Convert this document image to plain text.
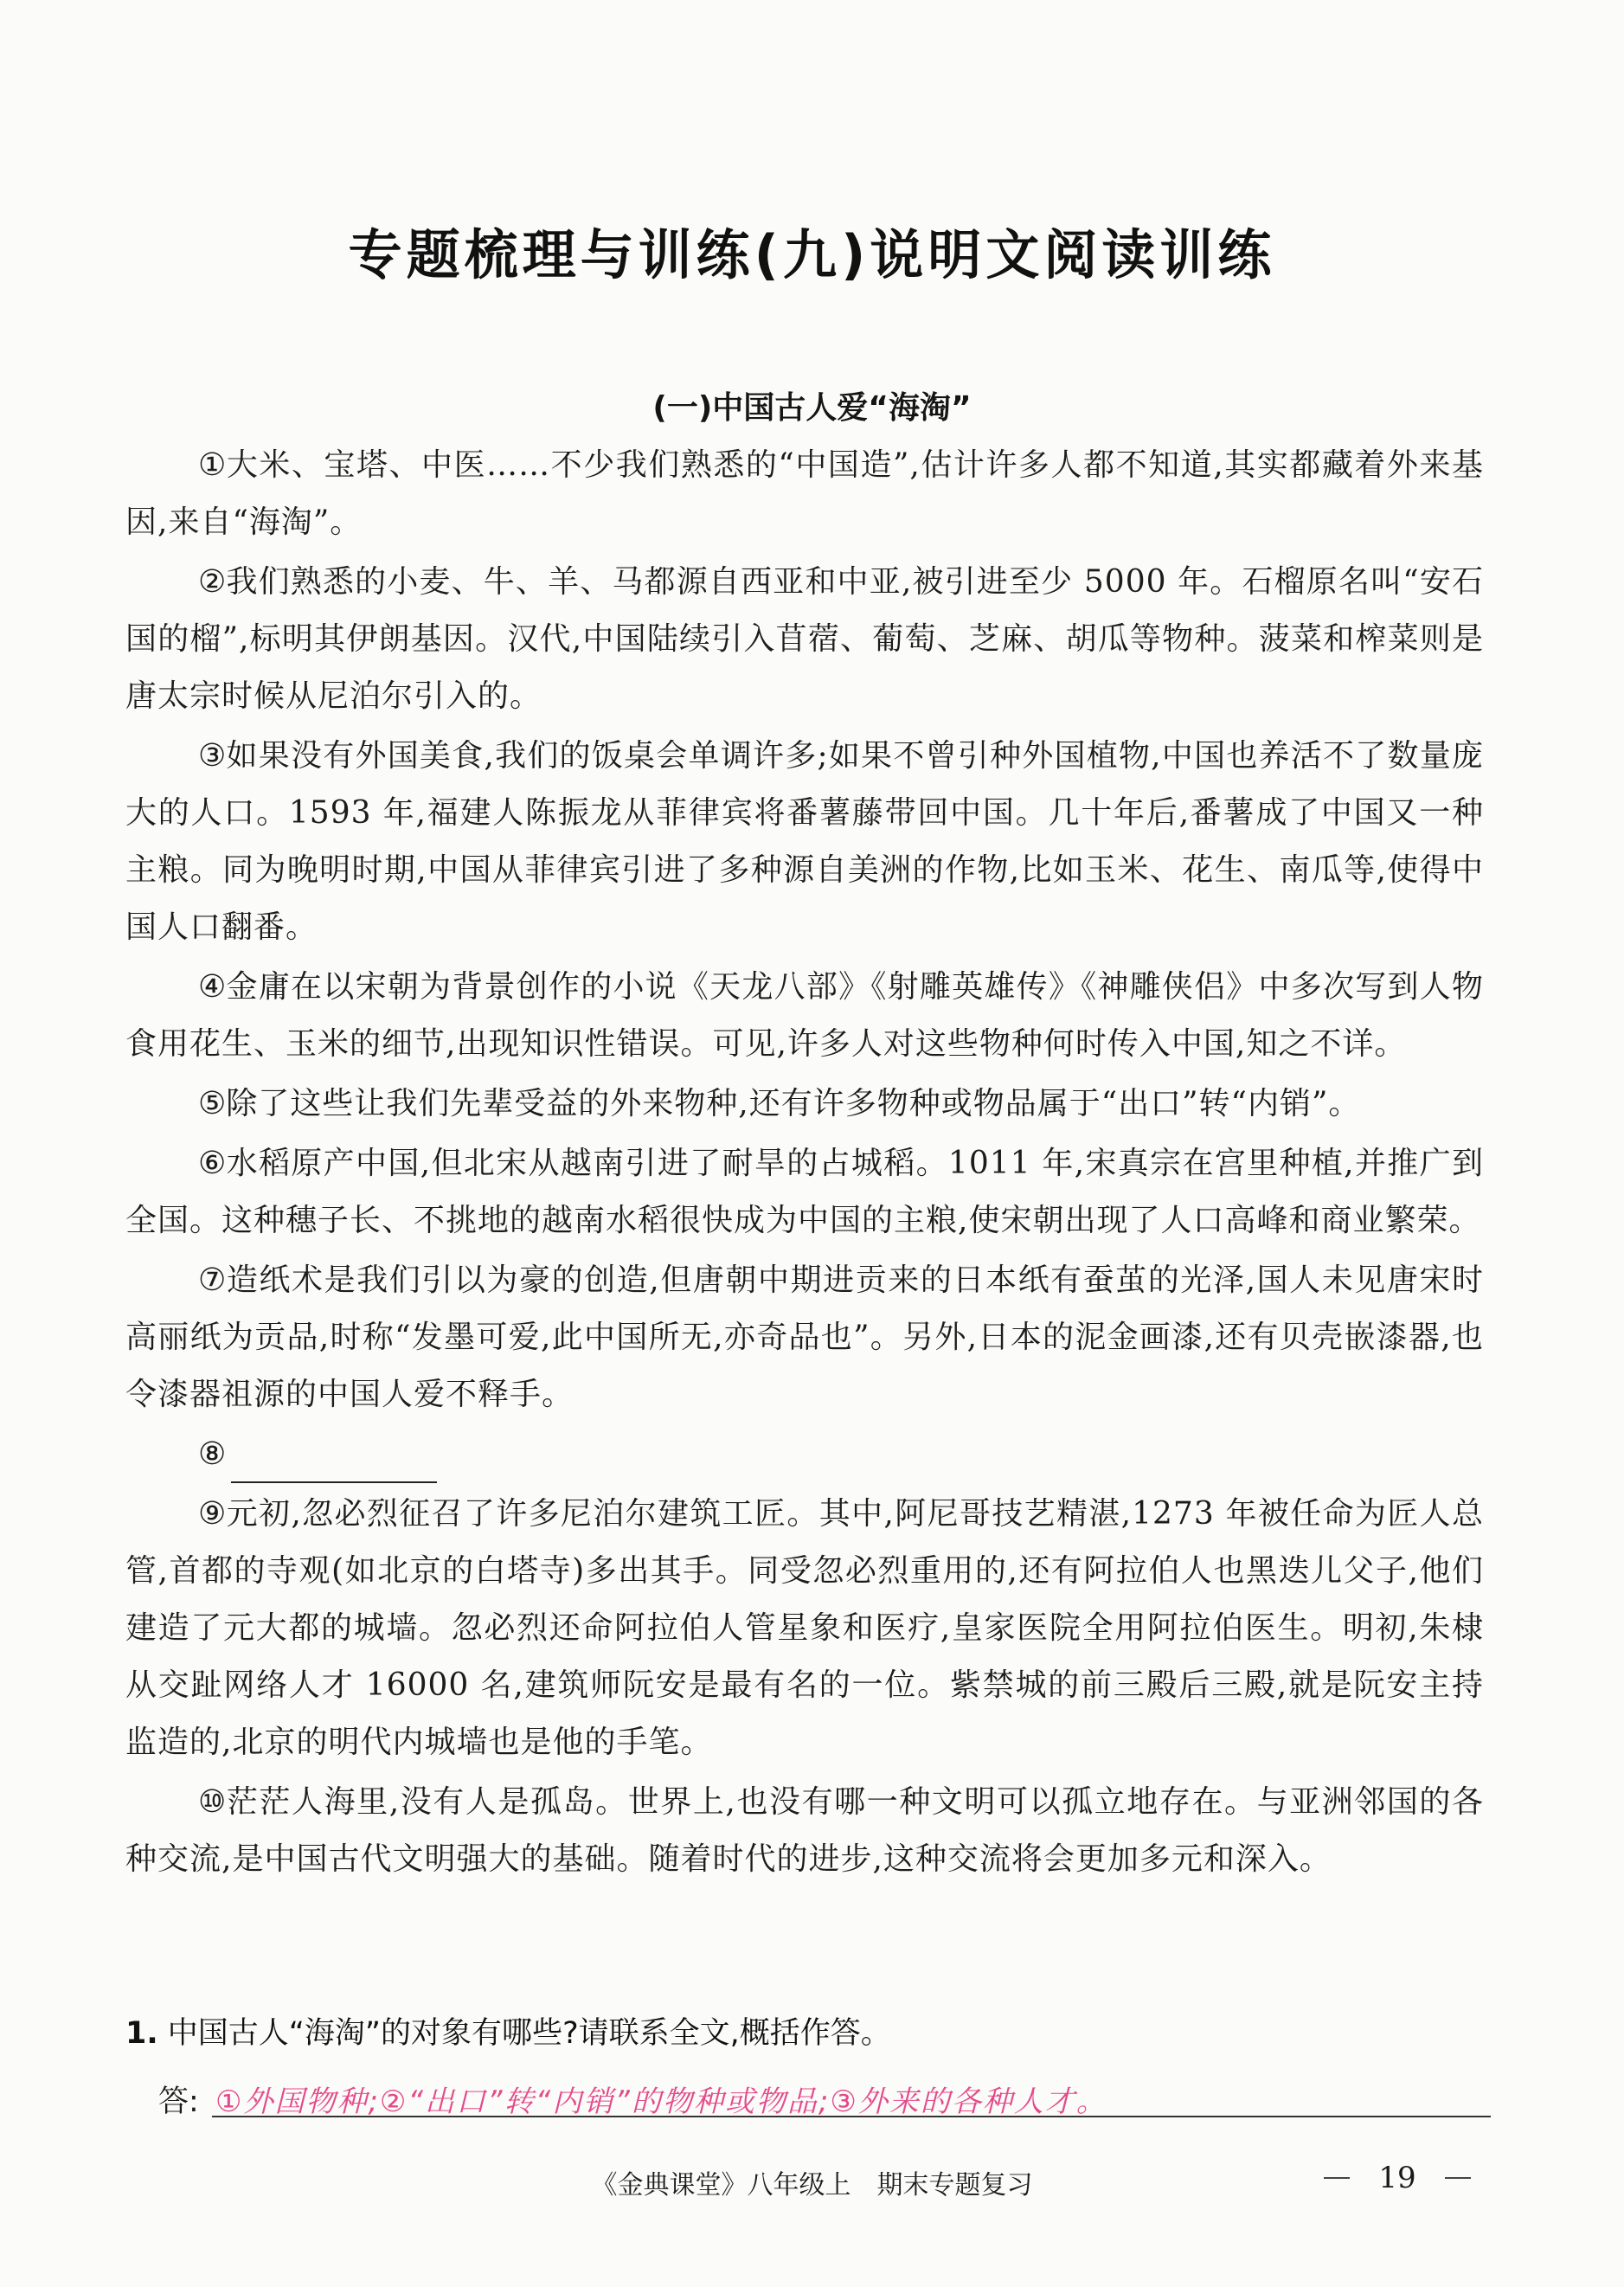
专题梳理与训练(九)说明文阅读训练
(一)中国古人爱“海淘”

①大米、宝塔、中医……不少我们熟悉的“中国造”,估计许多人都不知道,其实都藏着外来基因,来自“海淘”。

②我们熟悉的小麦、牛、羊、马都源自西亚和中亚,被引进至少 5000 年。石榴原名叫“安石国的榴”,标明其伊朗基因。汉代,中国陆续引入苜蓿、葡萄、芝麻、胡瓜等物种。菠菜和榨菜则是唐太宗时候从尼泊尔引入的。

③如果没有外国美食,我们的饭桌会单调许多;如果不曾引种外国植物,中国也养活不了数量庞大的人口。1593 年,福建人陈振龙从菲律宾将番薯藤带回中国。几十年后,番薯成了中国又一种主粮。同为晚明时期,中国从菲律宾引进了多种源自美洲的作物,比如玉米、花生、南瓜等,使得中国人口翻番。

④金庸在以宋朝为背景创作的小说《天龙八部》《射雕英雄传》《神雕侠侣》中多次写到人物食用花生、玉米的细节,出现知识性错误。可见,许多人对这些物种何时传入中国,知之不详。

⑤除了这些让我们先辈受益的外来物种,还有许多物种或物品属于“出口”转“内销”。

⑥水稻原产中国,但北宋从越南引进了耐旱的占城稻。1011 年,宋真宗在宫里种植,并推广到全国。这种穗子长、不挑地的越南水稻很快成为中国的主粮,使宋朝出现了人口高峰和商业繁荣。

⑦造纸术是我们引以为豪的创造,但唐朝中期进贡来的日本纸有蚕茧的光泽,国人未见唐宋时高丽纸为贡品,时称“发墨可爱,此中国所无,亦奇品也”。另外,日本的泥金画漆,还有贝壳嵌漆器,也令漆器祖源的中国人爱不释手。

⑧

⑨元初,忽必烈征召了许多尼泊尔建筑工匠。其中,阿尼哥技艺精湛,1273 年被任命为匠人总管,首都的寺观(如北京的白塔寺)多出其手。同受忽必烈重用的,还有阿拉伯人也黑迭儿父子,他们建造了元大都的城墙。忽必烈还命阿拉伯人管星象和医疗,皇家医院全用阿拉伯医生。明初,朱棣从交趾网络人才 16000 名,建筑师阮安是最有名的一位。紫禁城的前三殿后三殿,就是阮安主持监造的,北京的明代内城墙也是他的手笔。

⑩茫茫人海里,没有人是孤岛。世界上,也没有哪一种文明可以孤立地存在。与亚洲邻国的各种交流,是中国古代文明强大的基础。随着时代的进步,这种交流将会更加多元和深入。

1. 中国古人“海淘”的对象有哪些?请联系全文,概括作答。
答: ①外国物种;②“出口”转“内销”的物种或物品;③外来的各种人才。
《金典课堂》八年级上 期末专题复习	19
